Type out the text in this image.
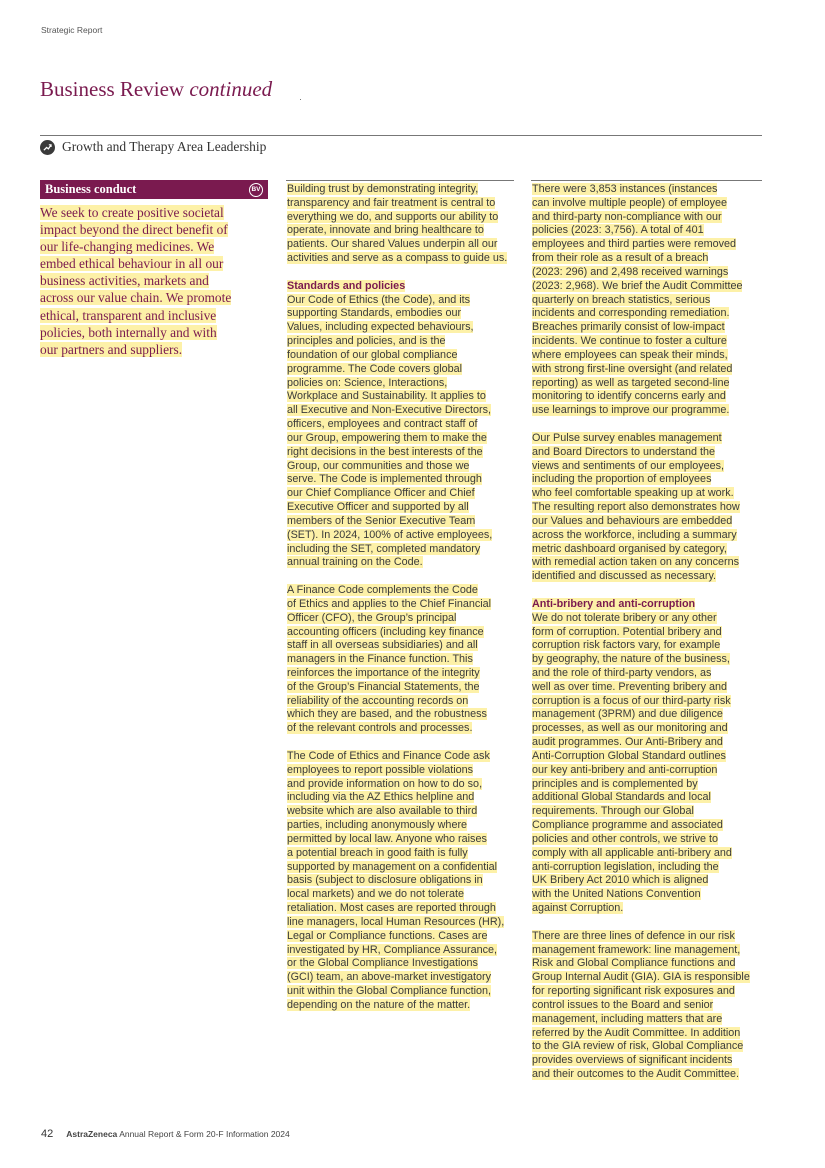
Strategic Report
Business Review continued
Growth and Therapy Area Leadership
Business conduct	BV

We seek to create positive societal
impact beyond the direct benefit of
our life-changing medicines. We
embed ethical behaviour in all our
business activities, markets and
across our value chain. We promote
ethical, transparent and inclusive
policies, both internally and with
our partners and suppliers.

Building trust by demonstrating integrity,
transparency and fair treatment is central to
everything we do, and supports our ability to
operate, innovate and bring healthcare to
patients. Our shared Values underpin all our
activities and serve as a compass to guide us.

Standards and policies
Our Code of Ethics (the Code), and its
supporting Standards, embodies our
Values, including expected behaviours,
principles and policies, and is the
foundation of our global compliance
programme. The Code covers global
policies on: Science, Interactions,
Workplace and Sustainability. It applies to
all Executive and Non-Executive Directors,
officers, employees and contract staff of
our Group, empowering them to make the
right decisions in the best interests of the
Group, our communities and those we
serve. The Code is implemented through
our Chief Compliance Officer and Chief
Executive Officer and supported by all
members of the Senior Executive Team
(SET). In 2024, 100% of active employees,
including the SET, completed mandatory
annual training on the Code.

A Finance Code complements the Code
of Ethics and applies to the Chief Financial
Officer (CFO), the Group’s principal
accounting officers (including key finance
staff in all overseas subsidiaries) and all
managers in the Finance function. This
reinforces the importance of the integrity
of the Group’s Financial Statements, the
reliability of the accounting records on
which they are based, and the robustness
of the relevant controls and processes.

The Code of Ethics and Finance Code ask
employees to report possible violations
and provide information on how to do so,
including via the AZ Ethics helpline and
website which are also available to third
parties, including anonymously where
permitted by local law. Anyone who raises
a potential breach in good faith is fully
supported by management on a confidential
basis (subject to disclosure obligations in
local markets) and we do not tolerate
retaliation. Most cases are reported through
line managers, local Human Resources (HR),
Legal or Compliance functions. Cases are
investigated by HR, Compliance Assurance,
or the Global Compliance Investigations
(GCI) team, an above-market investigatory
unit within the Global Compliance function,
depending on the nature of the matter.

There were 3,853 instances (instances
can involve multiple people) of employee
and third-party non-compliance with our
policies (2023: 3,756). A total of 401
employees and third parties were removed
from their role as a result of a breach
(2023: 296) and 2,498 received warnings
(2023: 2,968). We brief the Audit Committee
quarterly on breach statistics, serious
incidents and corresponding remediation.
Breaches primarily consist of low-impact
incidents. We continue to foster a culture
where employees can speak their minds,
with strong first-line oversight (and related
reporting) as well as targeted second-line
monitoring to identify concerns early and
use learnings to improve our programme.

Our Pulse survey enables management
and Board Directors to understand the
views and sentiments of our employees,
including the proportion of employees
who feel comfortable speaking up at work.
The resulting report also demonstrates how
our Values and behaviours are embedded
across the workforce, including a summary
metric dashboard organised by category,
with remedial action taken on any concerns
identified and discussed as necessary.

Anti-bribery and anti-corruption
We do not tolerate bribery or any other
form of corruption. Potential bribery and
corruption risk factors vary, for example
by geography, the nature of the business,
and the role of third-party vendors, as
well as over time. Preventing bribery and
corruption is a focus of our third-party risk
management (3PRM) and due diligence
processes, as well as our monitoring and
audit programmes. Our Anti-Bribery and
Anti-Corruption Global Standard outlines
our key anti-bribery and anti-corruption
principles and is complemented by
additional Global Standards and local
requirements. Through our Global
Compliance programme and associated
policies and other controls, we strive to
comply with all applicable anti-bribery and
anti-corruption legislation, including the
UK Bribery Act 2010 which is aligned
with the United Nations Convention
against Corruption.

There are three lines of defence in our risk
management framework: line management,
Risk and Global Compliance functions and
Group Internal Audit (GIA). GIA is responsible
for reporting significant risk exposures and
control issues to the Board and senior
management, including matters that are
referred by the Audit Committee. In addition
to the GIA review of risk, Global Compliance
provides overviews of significant incidents
and their outcomes to the Audit Committee.

42 AstraZeneca Annual Report & Form 20-F Information 2024
